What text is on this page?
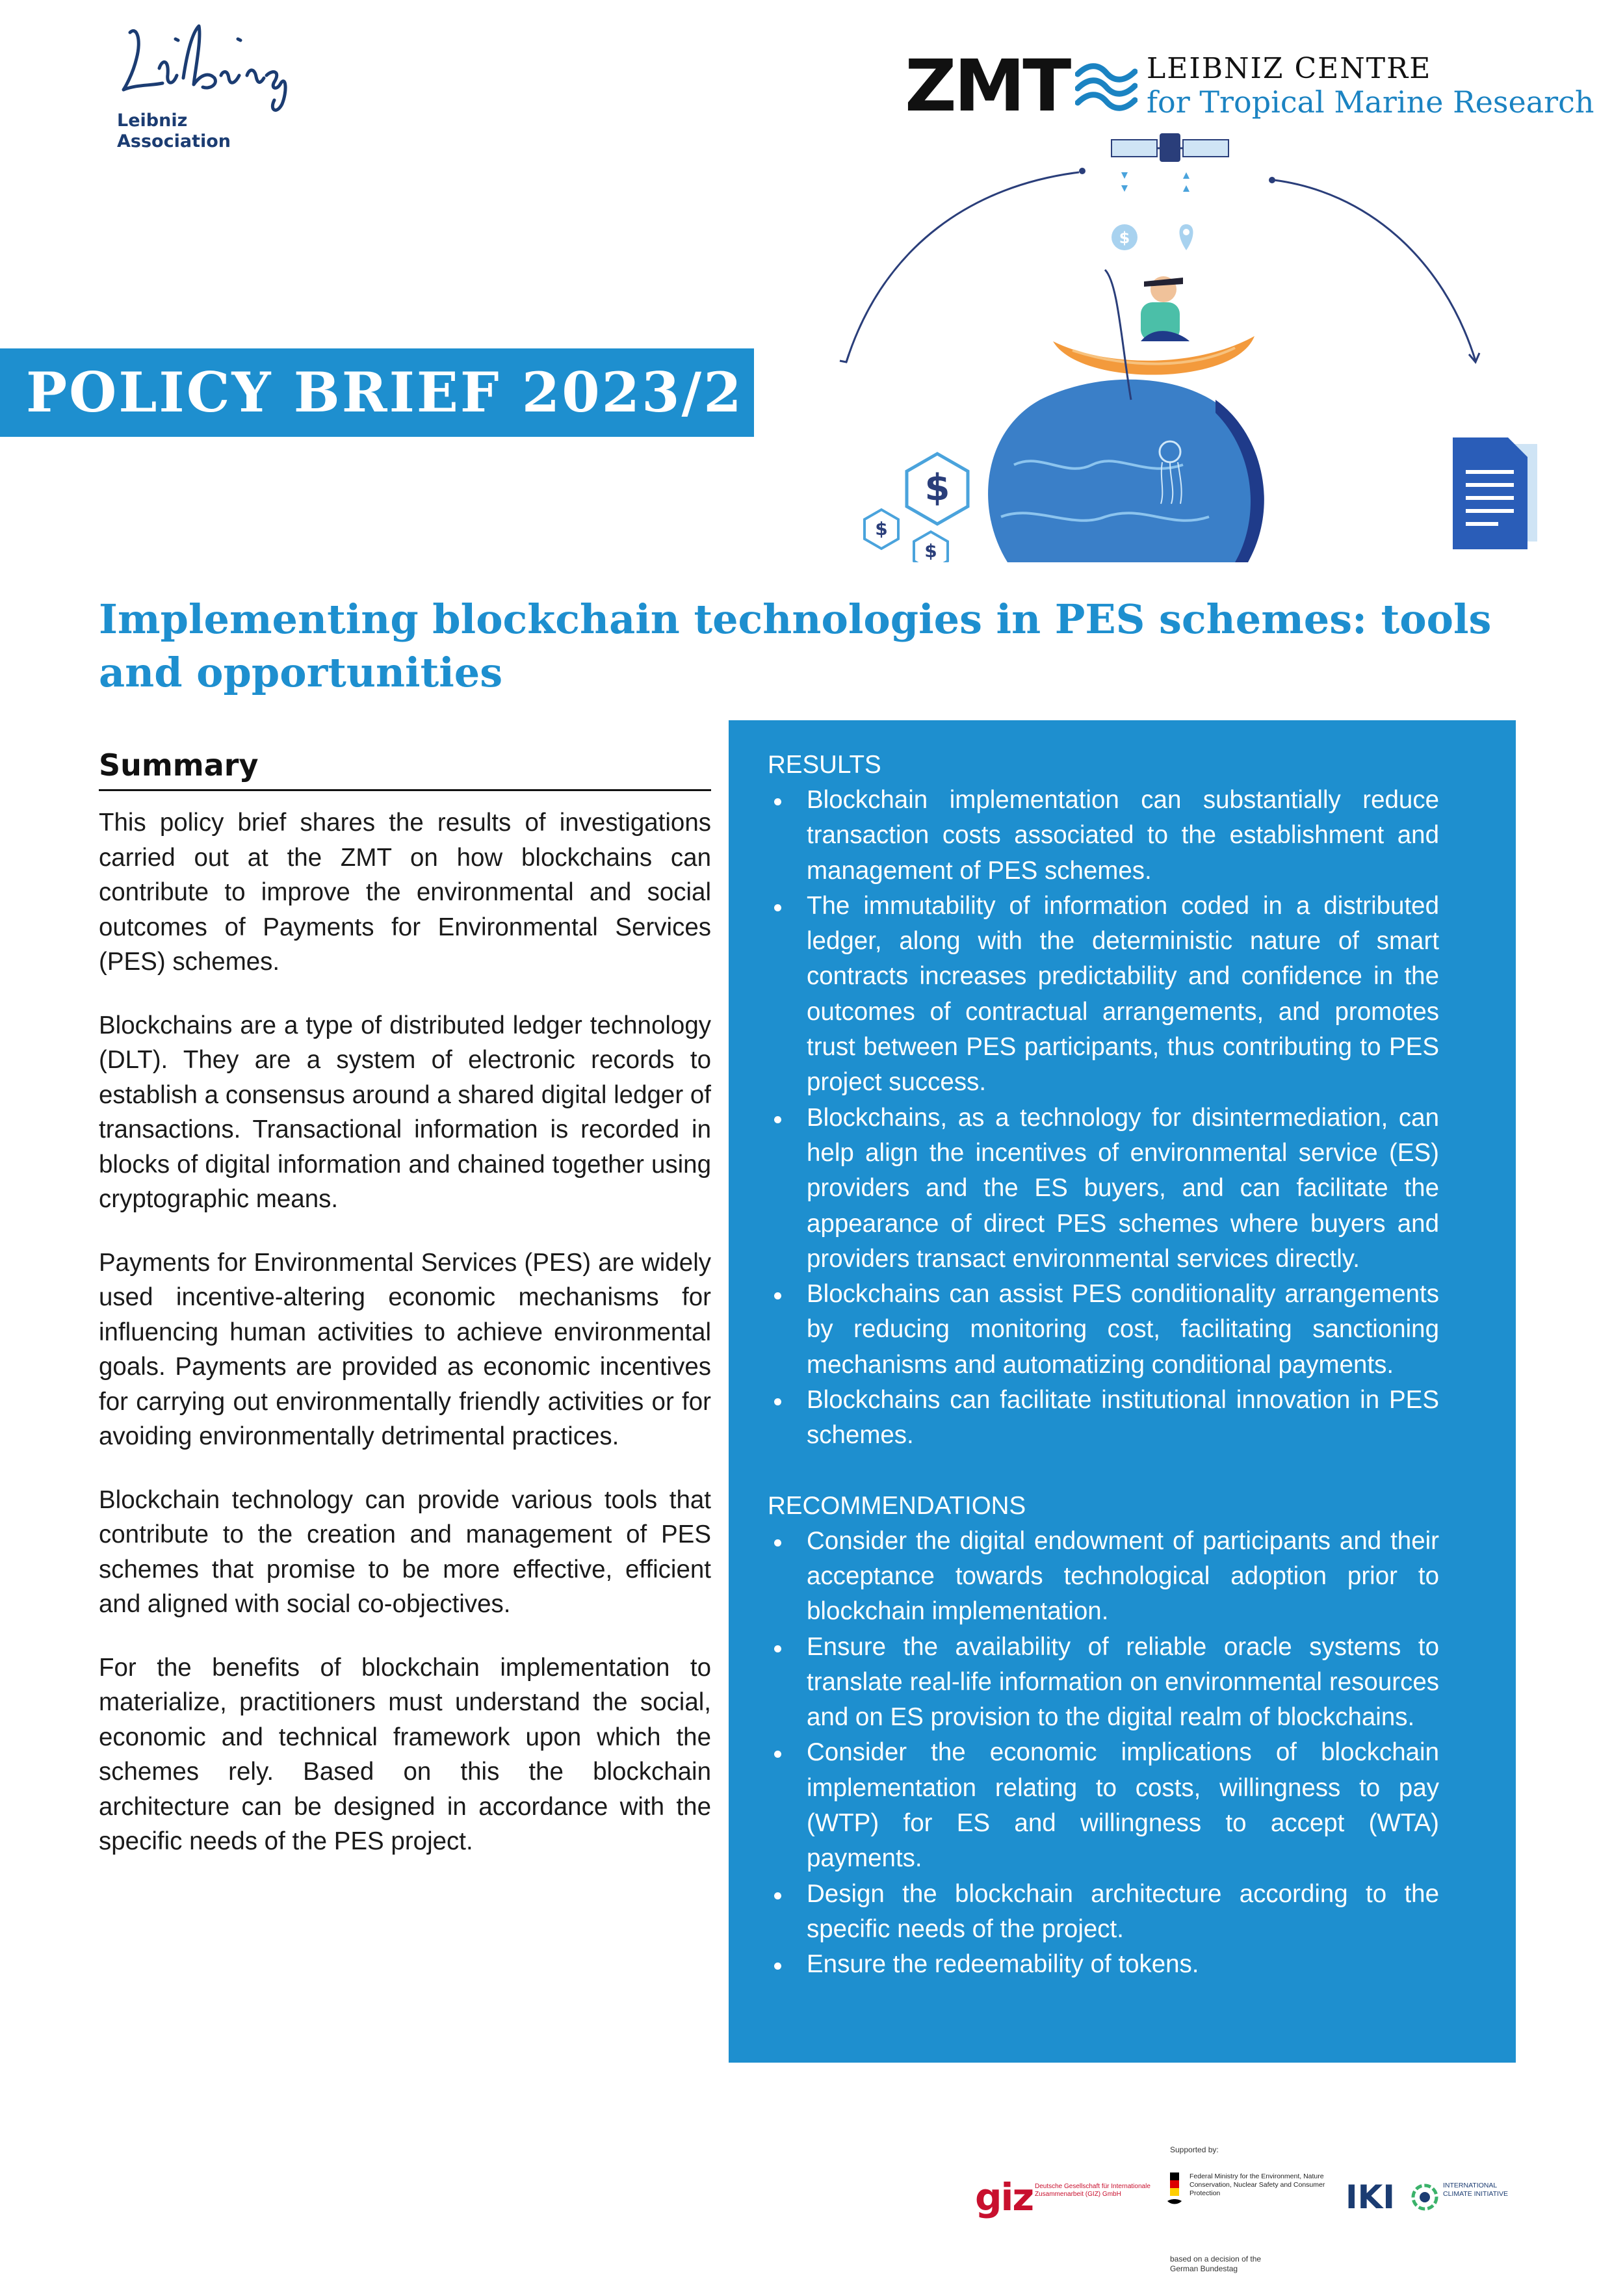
Leibniz
Association
ZMT	LEIBNIZ CENTRE
for Tropical Marine Research
$
$
$
$
POLICY BRIEF 2023/2
Implementing blockchain technologies in PES schemes: tools and opportunities
Summary

This policy brief shares the results of investigations carried out at the ZMT on how blockchains can contribute to improve the environmental and social outcomes of Payments for Environmental Services (PES) schemes.

Blockchains are a type of distributed ledger technology (DLT). They are a system of electronic records to establish a consensus around a shared digital ledger of transactions. Transactional information is recorded in blocks of digital information and chained together using cryptographic means.

Payments for Environmental Services (PES) are widely used incentive-altering economic mechanisms for influencing human activities to achieve environmental goals. Payments are provided as economic incentives for carrying out environmentally friendly activities or for avoiding environmentally detrimental practices.

Blockchain technology can provide various tools that contribute to the creation and management of PES schemes that promise to be more effective, efficient and aligned with social co-objectives.

For the benefits of blockchain implementation to materialize, practitioners must understand the social, economic and technical framework upon which the schemes rely. Based on this the blockchain architecture can be designed in accordance with the specific needs of the PES project.

RESULTS
Blockchain implementation can substantially reduce transaction costs associated to the establishment and management of PES schemes.
The immutability of information coded in a distributed ledger, along with the deterministic nature of smart contracts increases predictability and confidence in the outcomes of contractual arrangements, and promotes trust between PES participants, thus contributing to PES project success.
Blockchains, as a technology for disintermediation, can help align the incentives of environmental service (ES) providers and the ES buyers, and can facilitate the appearance of direct PES schemes where buyers and providers transact environmental services directly.
Blockchains can assist PES conditionality arrangements by reducing monitoring cost, facilitating sanctioning mechanisms and automatizing conditional payments.
Blockchains can facilitate institutional innovation in PES schemes.
RECOMMENDATIONS
Consider the digital endowment of participants and their acceptance towards technological adoption prior to blockchain implementation.
Ensure the availability of reliable oracle systems to translate real-life information on environmental resources and on ES provision to the digital realm of blockchains.
Consider the economic implications of blockchain implementation relating to costs, willingness to pay (WTP) for ES and willingness to accept (WTA) payments.
Design the blockchain architecture according to the specific needs of the project.
Ensure the redeemability of tokens.
giz Deutsche Gesellschaft für Internationale Zusammenarbeit (GIZ) GmbH
Supported by:
Federal Ministry for the Environment, Nature Conservation, Nuclear Safety and Consumer Protection
based on a decision of the German Bundestag
IKI	INTERNATIONAL CLIMATE INITIATIVE
